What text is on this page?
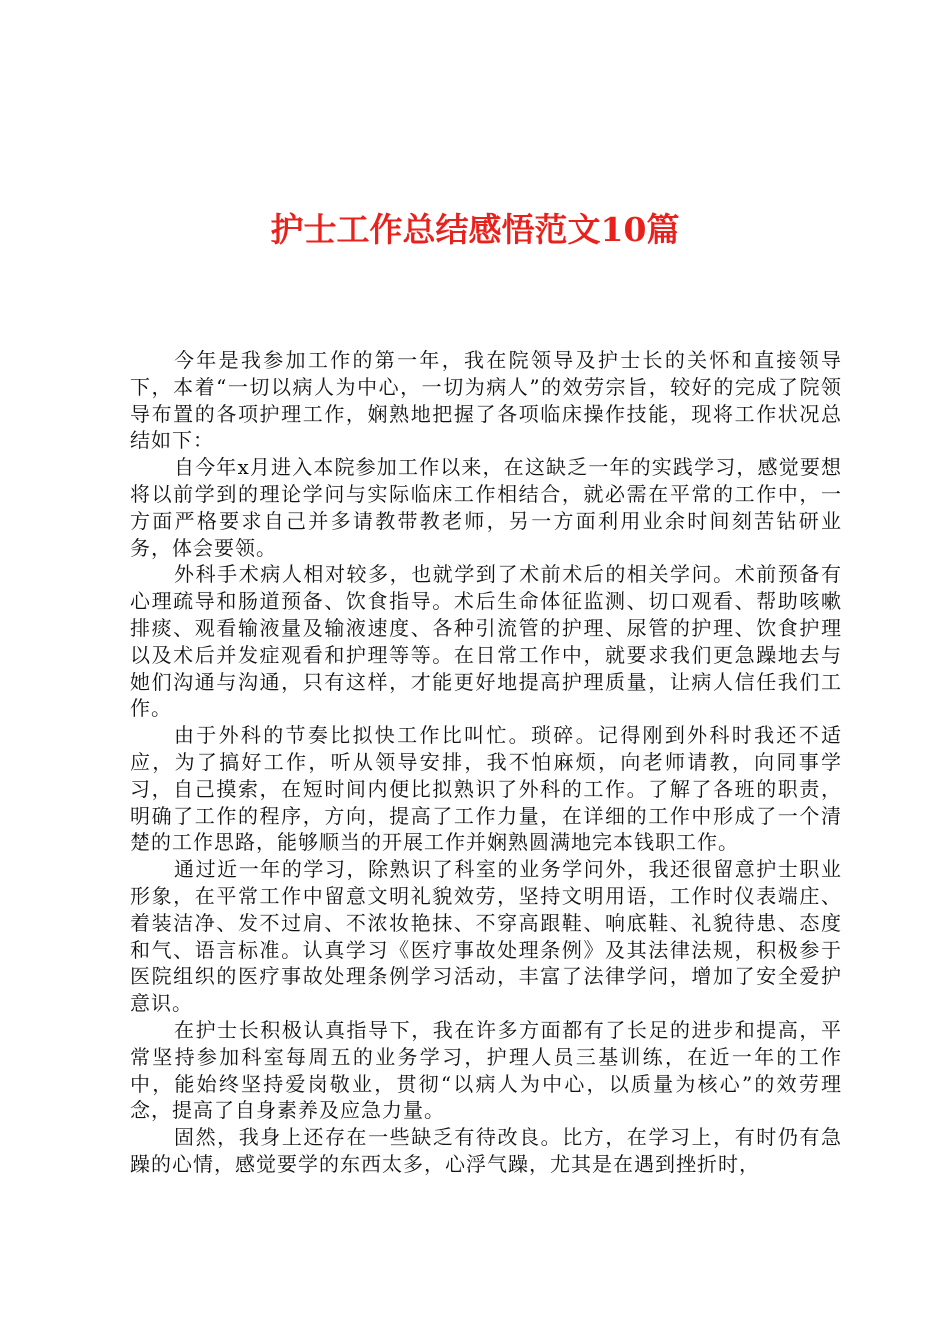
护士工作总结感悟范文10篇

今年是我参加工作的第一年，我在院领导及护士长的关怀和直接领导下，本着“一切以病人为中心，一切为病人”的效劳宗旨，较好的完成了院领导布置的各项护理工作，娴熟地把握了各项临床操作技能，现将工作状况总结如下：

自今年x月进入本院参加工作以来，在这缺乏一年的实践学习，感觉要想将以前学到的理论学问与实际临床工作相结合，就必需在平常的工作中，一方面严格要求自己并多请教带教老师，另一方面利用业余时间刻苦钻研业务，体会要领。

外科手术病人相对较多，也就学到了术前术后的相关学问。术前预备有心理疏导和肠道预备、饮食指导。术后生命体征监测、切口观看、帮助咳嗽排痰、观看输液量及输液速度、各种引流管的护理、尿管的护理、饮食护理以及术后并发症观看和护理等等。在日常工作中，就要求我们更急躁地去与她们沟通与沟通，只有这样，才能更好地提高护理质量，让病人信任我们工作。

由于外科的节奏比拟快工作比叫忙。琐碎。记得刚到外科时我还不适应，为了搞好工作，听从领导安排，我不怕麻烦，向老师请教，向同事学习，自己摸索，在短时间内便比拟熟识了外科的工作。了解了各班的职责，明确了工作的程序，方向，提高了工作力量，在详细的工作中形成了一个清楚的工作思路，能够顺当的开展工作并娴熟圆满地完本钱职工作。

通过近一年的学习，除熟识了科室的业务学问外，我还很留意护士职业形象，在平常工作中留意文明礼貌效劳，坚持文明用语，工作时仪表端庄、着装洁净、发不过肩、不浓妆艳抹、不穿高跟鞋、响底鞋、礼貌待患、态度和气、语言标准。认真学习《医疗事故处理条例》及其法律法规，积极参于医院组织的医疗事故处理条例学习活动，丰富了法律学问，增加了安全爱护意识。

在护士长积极认真指导下，我在许多方面都有了长足的进步和提高，平常坚持参加科室每周五的业务学习，护理人员三基训练，在近一年的工作中，能始终坚持爱岗敬业，贯彻“以病人为中心，以质量为核心”的效劳理念，提高了自身素养及应急力量。

固然，我身上还存在一些缺乏有待改良。比方，在学习上，有时仍有急躁的心情，感觉要学的东西太多，心浮气躁，尤其是在遇到挫折时，
